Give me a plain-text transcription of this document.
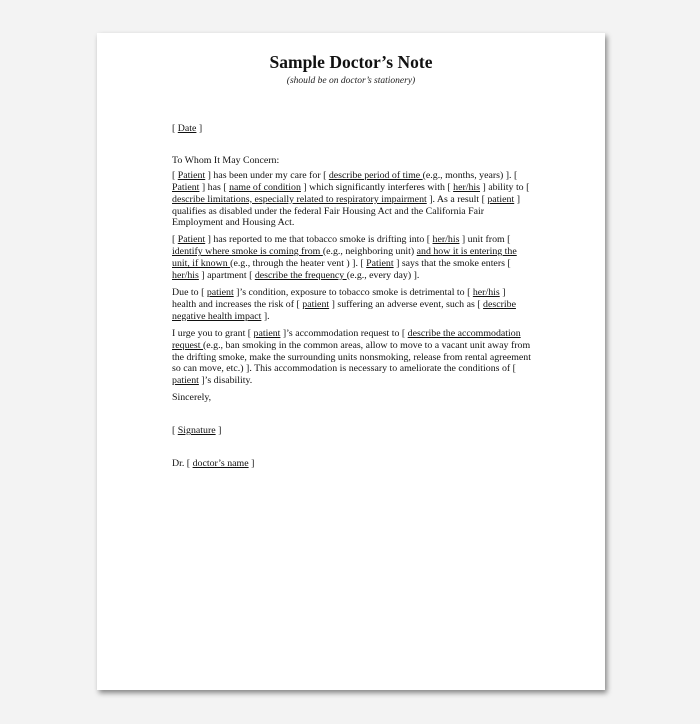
Sample Doctor’s Note
(should be on doctor’s stationery)

[ Date ]

To Whom It May Concern:

[ Patient ] has been under my care for [ describe period of time (e.g., months, years) ]. [ Patient ] has [ name of condition ] which significantly interferes with [ her/his ] ability to [ describe limitations, especially related to respiratory impairment ]. As a result [ patient ] qualifies as disabled under the federal Fair Housing Act and the California Fair Employment and Housing Act.

[ Patient ] has reported to me that tobacco smoke is drifting into [ her/his ] unit from [ identify where smoke is coming from (e.g., neighboring unit) and how it is entering the unit, if known (e.g., through the heater vent ) ]. [ Patient ] says that the smoke enters [ her/his ] apartment [ describe the frequency (e.g., every day) ].

Due to [ patient ]’s condition, exposure to tobacco smoke is detrimental to [ her/his ] health and increases the risk of [ patient ] suffering an adverse event, such as [ describe negative health impact ].

I urge you to grant [ patient ]’s accommodation request to [ describe the accommodation request (e.g., ban smoking in the common areas, allow to move to a vacant unit away from the drifting smoke, make the surrounding units nonsmoking, release from rental agreement so can move, etc.) ]. This accommodation is necessary to ameliorate the conditions of [ patient ]’s disability.

Sincerely,

[ Signature ]

Dr. [ doctor’s name ]
